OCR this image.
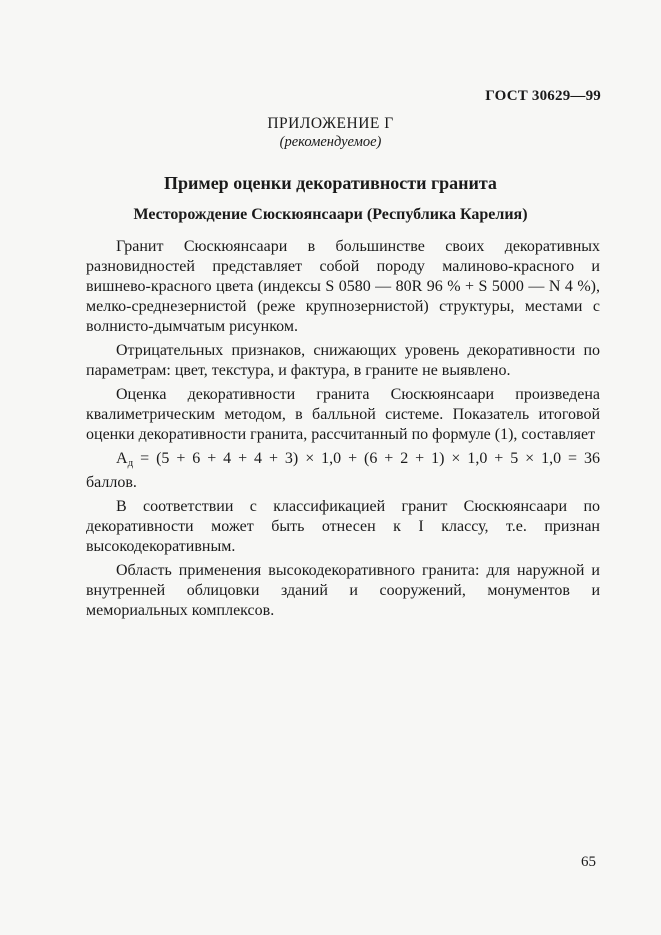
ГОСТ 30629—99
ПРИЛОЖЕНИЕ Г
(рекомендуемое)
Пример оценки декоративности гранита
Месторождение Сюскюянсаари (Республика Карелия)

Гранит Сюскюянсаари в большинстве своих декоративных разновидностей представляет собой породу малиново-красного и вишнево-красного цвета (индексы S 0580 — 80R 96 % + S 5000 — N 4 %), мелко-среднезернистой (реже крупнозернистой) структуры, местами с волнисто-дымчатым рисунком.

Отрицательных признаков, снижающих уровень декоративности по параметрам: цвет, текстура, и фактура, в граните не выявлено.

Оценка декоративности гранита Сюскюянсаари произведена квалиметрическим методом, в балльной системе. Показатель итоговой оценки декоративности гранита, рассчитанный по формуле (1), составляет

$А_д = (5 + 6 + 4 + 4 + 3) \times 1,0 + (6 + 2 + 1) \times 1,0 + 5 \times 1,0 = 36$
баллов.

В соответствии с классификацией гранит Сюскюянсаари по декоративности может быть отнесен к I классу, т.е. признан высокодекоративным.

Область применения высокодекоративного гранита: для наружной и внутренней облицовки зданий и сооружений, монументов и мемориальных комплексов.

65
